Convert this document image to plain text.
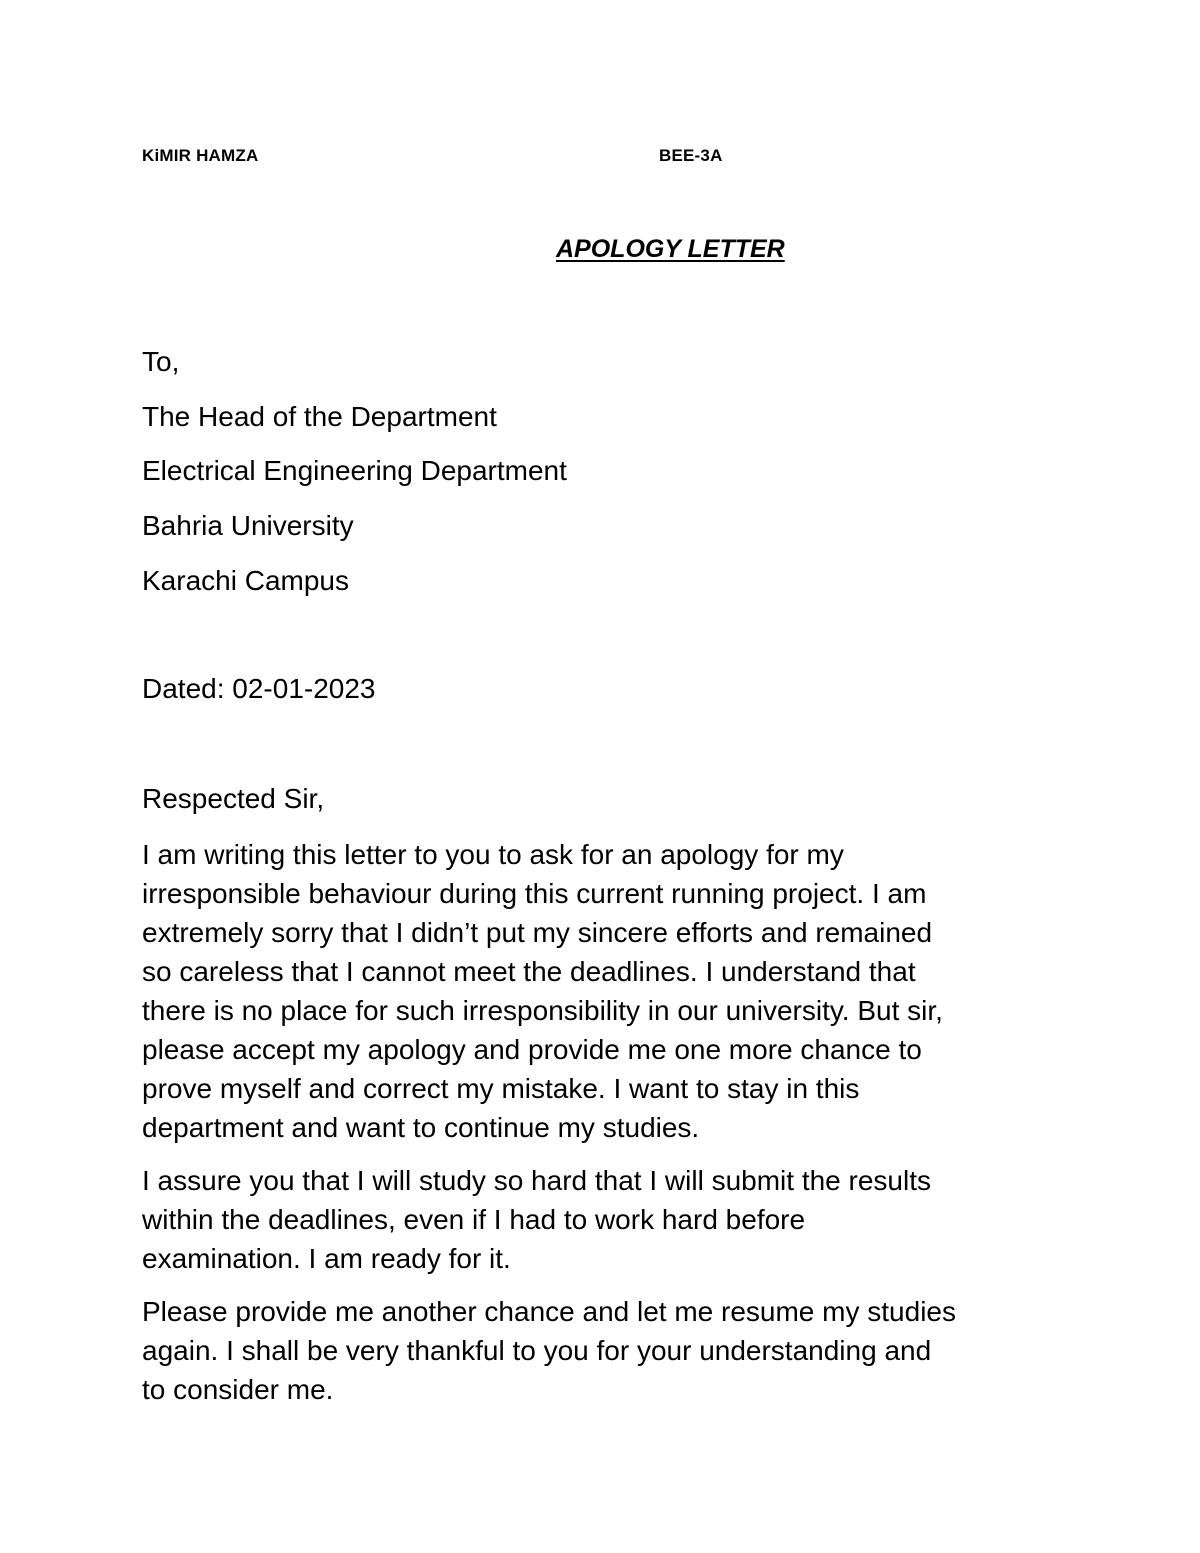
KiMIR HAMZA	BEE-3A
APOLOGY LETTER
To,
The Head of the Department
Electrical Engineering Department
Bahria University
Karachi Campus
Dated: 02-01-2023
Respected Sir,
I am writing this letter to you to ask for an apology for my
irresponsible behaviour during this current running project. I am
extremely sorry that I didn’t put my sincere efforts and remained
so careless that I cannot meet the deadlines. I understand that
there is no place for such irresponsibility in our university. But sir,
please accept my apology and provide me one more chance to
prove myself and correct my mistake. I want to stay in this
department and want to continue my studies.
I assure you that I will study so hard that I will submit the results
within the deadlines, even if I had to work hard before
examination. I am ready for it.
Please provide me another chance and let me resume my studies
again. I shall be very thankful to you for your understanding and
to consider me.
